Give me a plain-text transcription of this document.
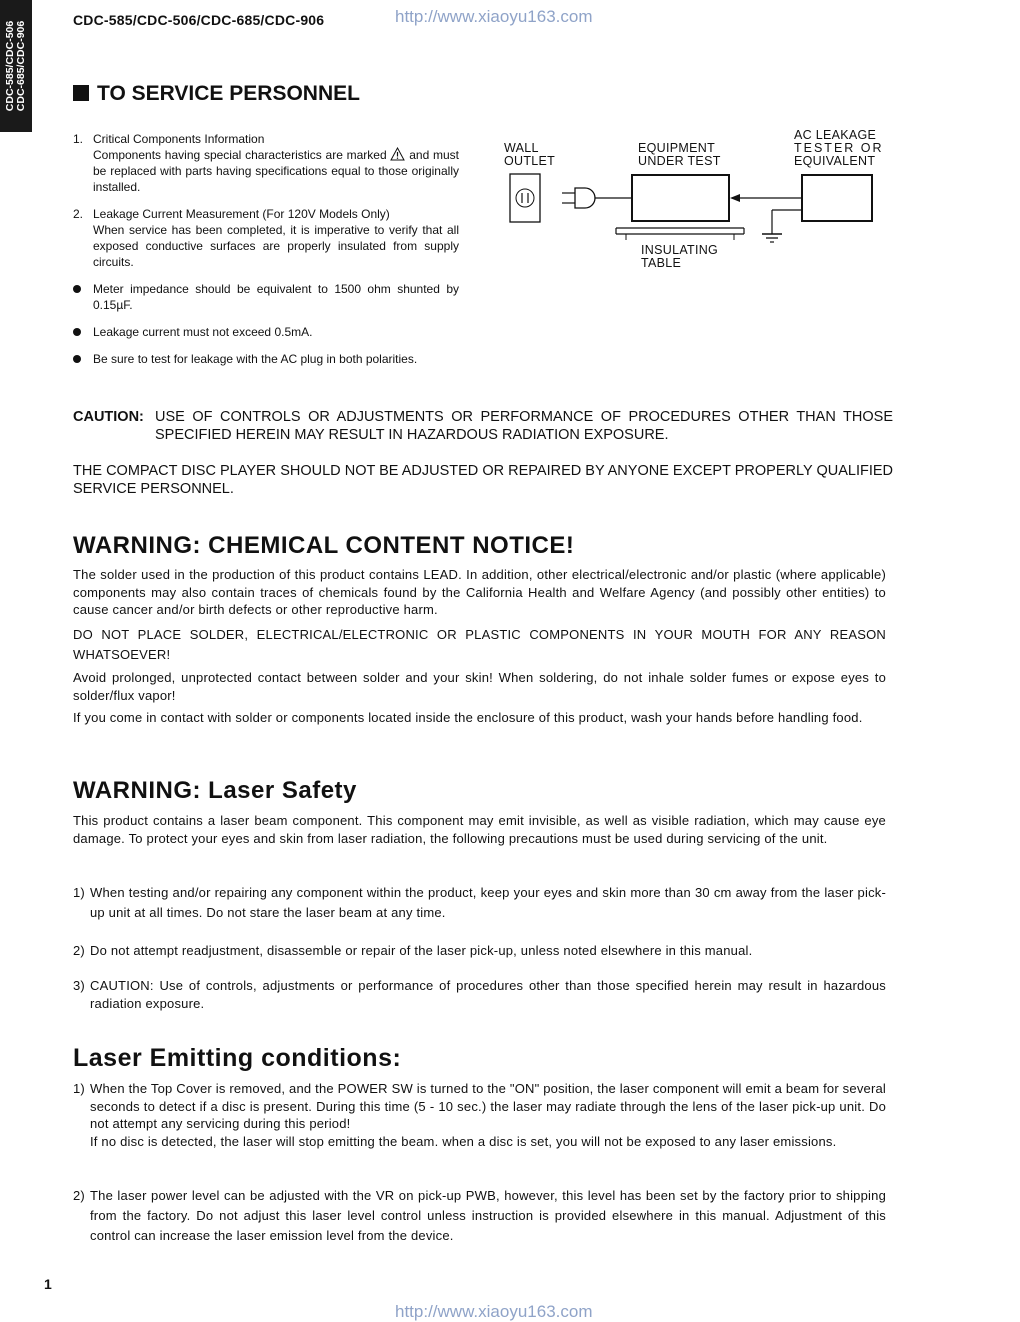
CDC-585/CDC-506 CDC-685/CDC-906
CDC-585/CDC-506/CDC-685/CDC-906	http://www.xiaoyu163.com
TO SERVICE PERSONNEL
1. Critical Components Information
Components having special characteristics are marked and must be replaced with parts having specifications equal to those originally installed.
2. Leakage Current Measurement (For 120V Models Only)
When service has been completed, it is imperative to verify that all exposed conductive surfaces are properly insulated from supply circuits.
Meter impedance should be equivalent to 1500 ohm shunted by 0.15µF.
Leakage current must not exceed 0.5mA.
Be sure to test for leakage with the AC plug in both polarities.
WALL
OUTLET
EQUIPMENT
UNDER TEST
AC LEAKAGE
TESTER OR
EQUIVALENT
INSULATING
TABLE
CAUTION: USE OF CONTROLS OR ADJUSTMENTS OR PERFORMANCE OF PROCEDURES OTHER THAN THOSE SPECIFIED HEREIN MAY RESULT IN HAZARDOUS RADIATION EXPOSURE.
THE COMPACT DISC PLAYER SHOULD NOT BE ADJUSTED OR REPAIRED BY ANYONE EXCEPT PROPERLY QUALIFIED SERVICE PERSONNEL.
WARNING: CHEMICAL CONTENT NOTICE!
The solder used in the production of this product contains LEAD. In addition, other electrical/electronic and/or plastic (where applicable) components may also contain traces of chemicals found by the California Health and Welfare Agency (and possibly other entities) to cause cancer and/or birth defects or other reproductive harm.
DO NOT PLACE SOLDER, ELECTRICAL/ELECTRONIC OR PLASTIC COMPONENTS IN YOUR MOUTH FOR ANY REASON WHATSOEVER!
Avoid prolonged, unprotected contact between solder and your skin! When soldering, do not inhale solder fumes or expose eyes to solder/flux vapor!
If you come in contact with solder or components located inside the enclosure of this product, wash your hands before handling food.
WARNING: Laser Safety
This product contains a laser beam component. This component may emit invisible, as well as visible radiation, which may cause eye damage. To protect your eyes and skin from laser radiation, the following precautions must be used during servicing of the unit.
1) When testing and/or repairing any component within the product, keep your eyes and skin more than 30 cm away from the laser pick-up unit at all times. Do not stare the laser beam at any time.
2) Do not attempt readjustment, disassemble or repair of the laser pick-up, unless noted elsewhere in this manual.
3) CAUTION: Use of controls, adjustments or performance of procedures other than those specified herein may result in hazardous radiation exposure.
Laser Emitting conditions:
1) When the Top Cover is removed, and the POWER SW is turned to the "ON" position, the laser component will emit a beam for several seconds to detect if a disc is present. During this time (5 - 10 sec.) the laser may radiate through the lens of the laser pick-up unit. Do not attempt any servicing during this period!
If no disc is detected, the laser will stop emitting the beam. when a disc is set, you will not be exposed to any laser emissions.
2) The laser power level can be adjusted with the VR on pick-up PWB, however, this level has been set by the factory prior to shipping from the factory. Do not adjust this laser level control unless instruction is provided elsewhere in this manual. Adjustment of this control can increase the laser emission level from the device.
1
http://www.xiaoyu163.com
